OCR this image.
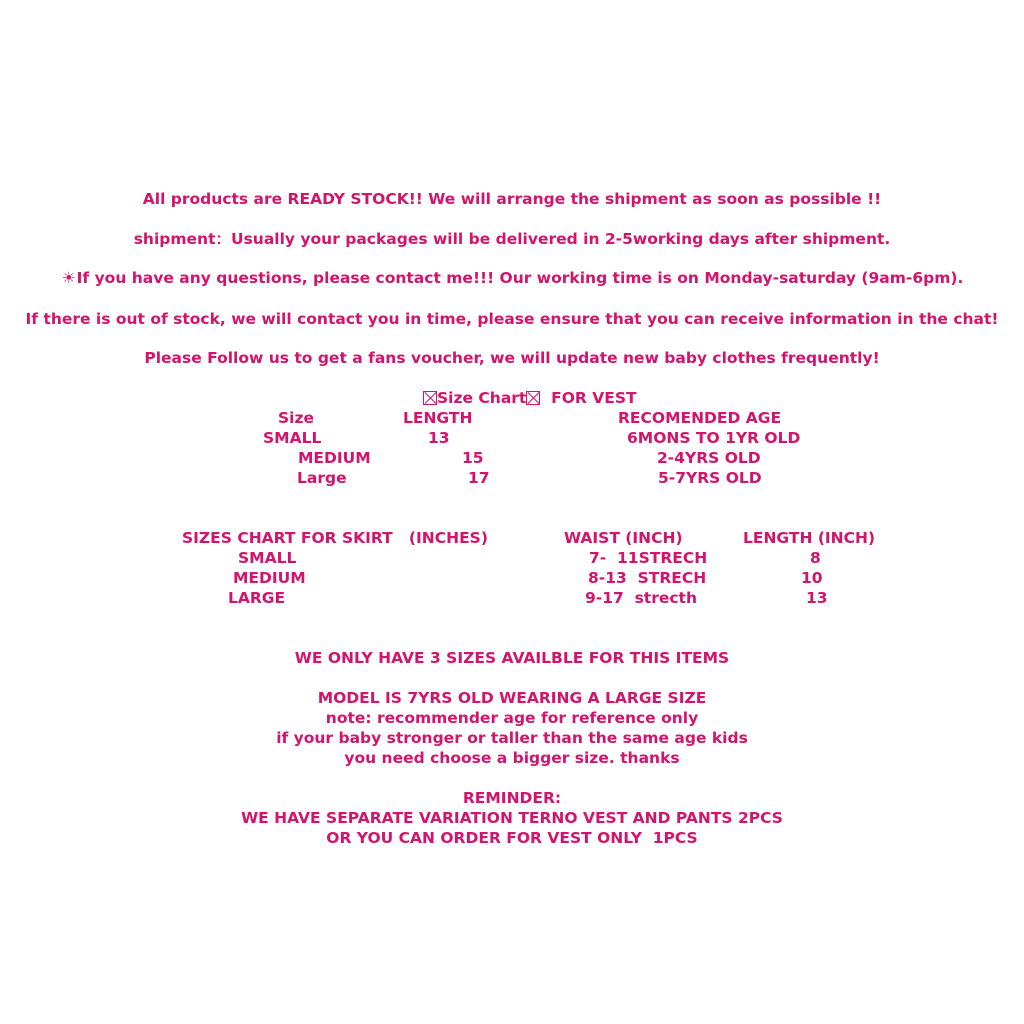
All products are READY STOCK!! We will arrange the shipment as soon as possible !!
shipment：Usually your packages will be delivered in 2-5working days after shipment.
☀If you have any questions, please contact me!!! Our working time is on Monday-saturday (9am-6pm).
If there is out of stock, we will contact you in time, please ensure that you can receive information in the chat!
Please Follow us to get a fans voucher, we will update new baby clothes frequently!
Size Chart  FOR VEST
Size	LENGTH	RECOMENDED AGE
SMALL	13	6MONS TO 1YR OLD
MEDIUM	15	2-4YRS OLD
Large	17	5-7YRS OLD
SIZES CHART FOR SKIRT   (INCHES)	WAIST (INCH)	LENGTH (INCH)
SMALL	7-  11STRECH	8
MEDIUM	8-13  STRECH	10
LARGE	9-17  strecth	13
WE ONLY HAVE 3 SIZES AVAILBLE FOR THIS ITEMS
MODEL IS 7YRS OLD WEARING A LARGE SIZE
note: recommender age for reference only
if your baby stronger or taller than the same age kids
you need choose a bigger size. thanks
REMINDER:
WE HAVE SEPARATE VARIATION TERNO VEST AND PANTS 2PCS
OR YOU CAN ORDER FOR VEST ONLY  1PCS
